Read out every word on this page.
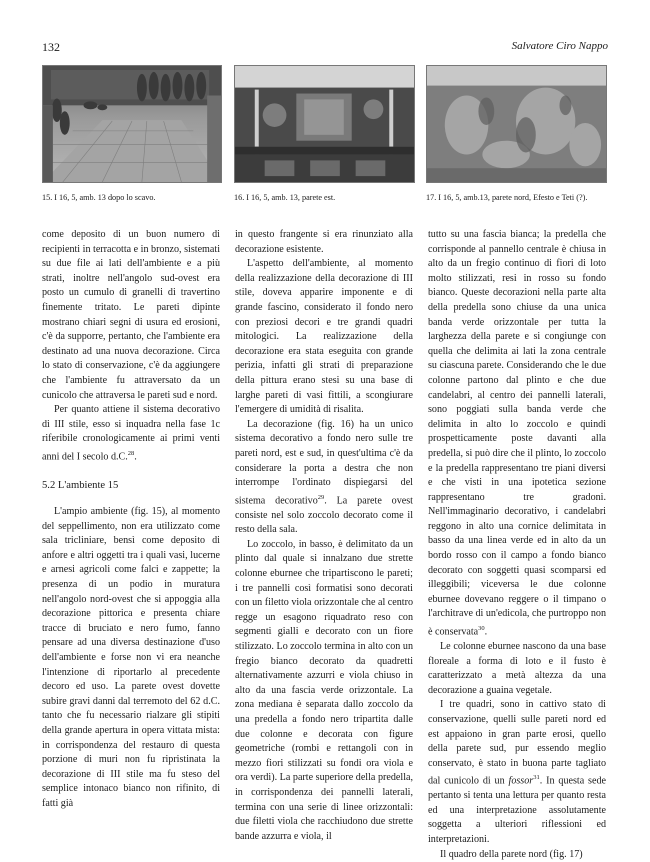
132	Salvatore Ciro Nappo
15. I 16, 5, amb. 13 dopo lo scavo.	16. I 16, 5, amb. 13, parete est.	17. I 16, 5, amb.13, parete nord, Efesto e Teti (?).

come deposito di un buon numero di recipienti in terracotta e in bronzo, sistemati su due file ai lati dell'ambiente e a più strati, inoltre nell'angolo sud-ovest era posto un cumulo di granelli di travertino finemente tritato. Le pareti dipinte mostrano chiari segni di usura ed erosioni, c'è da supporre, pertanto, che l'ambiente era destinato ad una nuova decorazione. Circa lo stato di conservazione, c'è da aggiungere che l'ambiente fu attraversato da un cunicolo che attraversa le pareti sud e nord.

Per quanto attiene il sistema decorativo di III stile, esso si inquadra nella fase 1c riferibile cronologicamente ai primi venti anni del I secolo d.C.$^{28}$.

5.2 L'ambiente 15

L'ampio ambiente (fig. 15), al momento del seppellimento, non era utilizzato come sala tricliniare, bensì come deposito di anfore e altri oggetti tra i quali vasi, lucerne e arnesi agricoli come falci e zappette; la presenza di un podio in muratura nell'angolo nord-ovest che si appoggia alla decorazione pittorica e presenta chiare tracce di bruciato e nero fumo, fanno pensare ad una diversa destinazione d'uso dell'ambiente e forse non vi era neanche l'intenzione di riportarlo al precedente decoro ed uso. La parete ovest dovette subire gravi danni dal terremoto del 62 d.C. tanto che fu necessario rialzare gli stipiti della grande apertura in opera vittata mista: in corrispondenza del restauro di questa porzione di muri non fu ripristinata la decorazione di III stile ma fu steso del semplice intonaco bianco non rifinito, di fatti già

in questo frangente si era rinunziato alla decorazione esistente.

L'aspetto dell'ambiente, al momento della realizzazione della decorazione di III stile, doveva apparire imponente e di grande fascino, considerato il fondo nero con preziosi decori e tre grandi quadri mitologici. La realizzazione della decorazione era stata eseguita con grande perizia, infatti gli strati di preparazione della pittura erano stesi su una base di larghe pareti di vasi fittili, a scongiurare l'emergere di umidità di risalita.

La decorazione (fig. 16) ha un unico sistema decorativo a fondo nero sulle tre pareti nord, est e sud, in quest'ultima c'è da considerare la porta a destra che non interrompe l'ordinato dispiegarsi del sistema decorativo$^{29}$. La parete ovest consiste nel solo zoccolo decorato come il resto della sala.

Lo zoccolo, in basso, è delimitato da un plinto dal quale si innalzano due strette colonne eburnee che tripartiscono le pareti; i tre pannelli così formatisi sono decorati con un filetto viola orizzontale che al centro regge un esagono riquadrato reso con segmenti gialli e decorato con un fiore stilizzato. Lo zoccolo termina in alto con un fregio bianco decorato da quadretti alternativamente azzurri e viola chiuso in alto da una fascia verde orizzontale. La zona mediana è separata dallo zoccolo da una predella a fondo nero tripartita dalle due colonne e decorata con figure geometriche (rombi e rettangoli con in mezzo fiori stilizzati su fondi ora viola e ora verdi). La parte superiore della predella, in corrispondenza dei pannelli laterali, termina con una serie di linee orizzontali: due filetti viola che racchiudono due strette bande azzurra e viola, il

tutto su una fascia bianca; la predella che corrisponde al pannello centrale è chiusa in alto da un fregio continuo di fiori di loto molto stilizzati, resi in rosso su fondo bianco. Queste decorazioni nella parte alta della predella sono chiuse da una unica banda verde orizzontale per tutta la larghezza della parete e si congiunge con quella che delimita ai lati la zona centrale su ciascuna parete. Considerando che le due colonne partono dal plinto e che due candelabri, al centro dei pannelli laterali, sono poggiati sulla banda verde che delimita in alto lo zoccolo e quindi prospetticamente poste davanti alla predella, si può dire che il plinto, lo zoccolo e la predella rappresentano tre piani diversi e che visti in una ipotetica sezione rappresentano tre gradoni. Nell'immaginario decorativo, i candelabri reggono in alto una cornice delimitata in basso da una linea verde ed in alto da un bordo rosso con il campo a fondo bianco decorato con soggetti quasi scomparsi ed illeggibili; viceversa le due colonne eburnee dovevano reggere o il timpano o l'architrave di un'edicola, che purtroppo non è conservata$^{30}$.

Le colonne eburnee nascono da una base floreale a forma di loto e il fusto è caratterizzato a metà altezza da una decorazione a guaina vegetale.

I tre quadri, sono in cattivo stato di conservazione, quelli sulle pareti nord ed est appaiono in gran parte erosi, quello della parete sud, pur essendo meglio conservato, è stato in buona parte tagliato dal cunicolo di un fossor$^{31}$. In questa sede pertanto si tenta una lettura per quanto resta ed una interpretazione assolutamente soggetta a ulteriori riflessioni ed interpretazioni.

Il quadro della parete nord (fig. 17)
